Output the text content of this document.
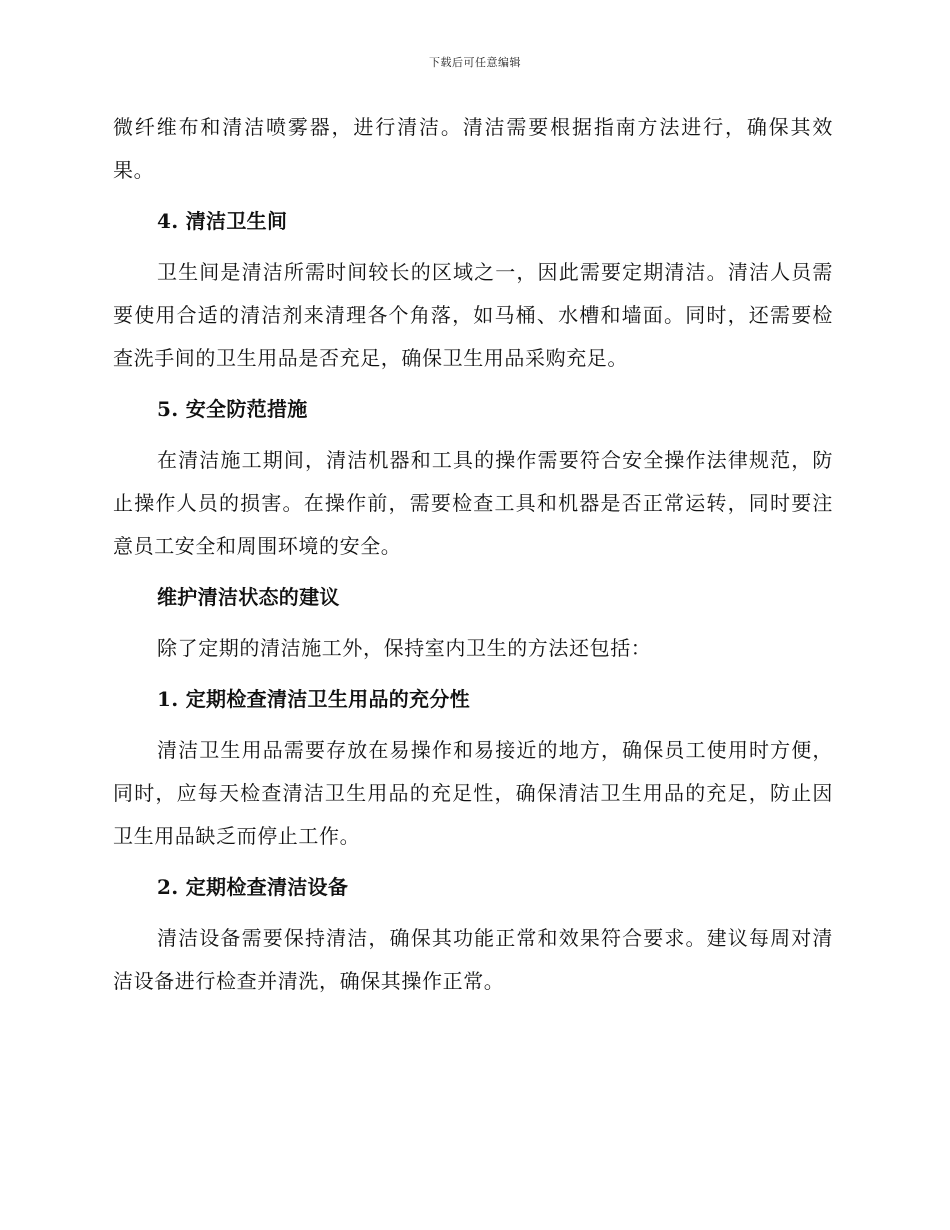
下载后可任意编辑

微纤维布和清洁喷雾器，进行清洁。清洁需要根据指南方法进行，确保其效果。

4. 清洁卫生间

卫生间是清洁所需时间较长的区域之一，因此需要定期清洁。清洁人员需要使用合适的清洁剂来清理各个角落，如马桶、水槽和墙面。同时，还需要检查洗手间的卫生用品是否充足，确保卫生用品采购充足。

5. 安全防范措施

在清洁施工期间，清洁机器和工具的操作需要符合安全操作法律规范，防止操作人员的损害。在操作前，需要检查工具和机器是否正常运转，同时要注意员工安全和周围环境的安全。

维护清洁状态的建议

除了定期的清洁施工外，保持室内卫生的方法还包括：

1. 定期检查清洁卫生用品的充分性

清洁卫生用品需要存放在易操作和易接近的地方，确保员工使用时方便，同时，应每天检查清洁卫生用品的充足性，确保清洁卫生用品的充足，防止因卫生用品缺乏而停止工作。

2. 定期检查清洁设备

清洁设备需要保持清洁，确保其功能正常和效果符合要求。建议每周对清洁设备进行检查并清洗，确保其操作正常。
